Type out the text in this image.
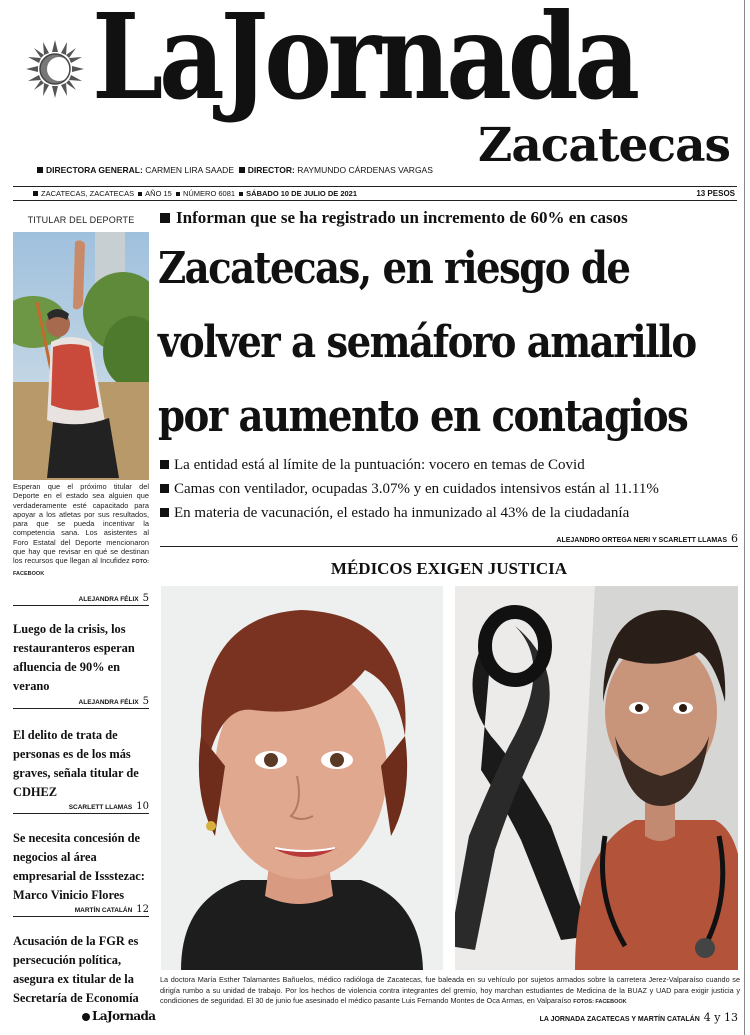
LaJornada
Zacatecas
DIRECTORA GENERAL: CARMEN LIRA SAADE DIRECTOR: RAYMUNDO CÁRDENAS VARGAS
ZACATECAS, ZACATECAS AÑO 15 NÚMERO 6081 SÁBADO 10 DE JULIO DE 2021	13 PESOS
TITULAR DEL DEPORTE
Esperan que el próximo titular del Deporte en el estado sea alguien que verdaderamente esté capacitado para apoyar a los atletas por sus resultados, para que se pueda incentivar la competencia sana. Los asistentes al Foro Estatal del Deporte mencionaron que hay que revisar en qué se destinan los recursos que llegan al Incufidez FOTO: FACEBOOK
ALEJANDRA FÉLIX 5
Luego de la crisis, los restauranteros esperan afluencia de 90% en verano
ALEJANDRA FÉLIX 5
El delito de trata de personas es de los más graves, señala titular de CDHEZ
SCARLETT LLAMAS 10
Se necesita concesión de negocios al área empresarial de Issstezac: Marco Vinicio Flores
MARTÍN CATALÁN 12
Acusación de la FGR es persecución política, asegura ex titular de la Secretaría de Economía
LaJornada
Informan que se ha registrado un incremento de 60% en casos
Zacatecas, en riesgo de
volver a semáforo amarillo
por aumento en contagios
La entidad está al límite de la puntuación: vocero en temas de Covid
Camas con ventilador, ocupadas 3.07% y en cuidados intensivos están al 11.11%
En materia de vacunación, el estado ha inmunizado al 43% de la ciudadanía
ALEJANDRO ORTEGA NERI Y SCARLETT LLAMAS 6
MÉDICOS EXIGEN JUSTICIA
La doctora María Esther Talamantes Bañuelos, médico radióloga de Zacatecas, fue baleada en su vehículo por sujetos armados sobre la carretera Jerez-Valparaíso cuando se dirigía rumbo a su unidad de trabajo. Por los hechos de violencia contra integrantes del gremio, hoy marchan estudiantes de Medicina de la BUAZ y UAD para exigir justicia y condiciones de seguridad. El 30 de junio fue asesinado el médico pasante Luis Fernando Montes de Oca Armas, en Valparaíso FOTOS: FACEBOOK
LA JORNADA ZACATECAS Y MARTÍN CATALÁN 4 y 13
